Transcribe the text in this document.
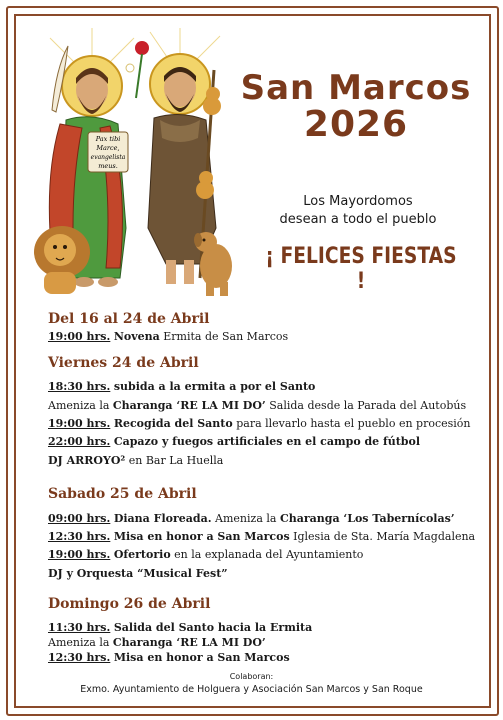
Pax tibi
Marce,
evangelista
meus.
San Marcos
2026
Los Mayordomos
desean a todo el pueblo
¡ FELICES FIESTAS !
Del 16 al 24 de Abril
19:00 hrs. Novena Ermita de San Marcos
Viernes 24 de Abril
18:30 hrs. subida a la ermita a por el Santo
Ameniza la Charanga ‘RE LA MI DO’ Salida desde la Parada del Autobús
19:00 hrs. Recogida del Santo para llevarlo hasta el pueblo en procesión
22:00 hrs. Capazo y fuegos artificiales en el campo de fútbol
DJ ARROYO² en Bar La Huella
Sabado 25 de Abril
09:00 hrs. Diana Floreada. Ameniza la Charanga ‘Los Tabernícolas’
12:30 hrs. Misa en honor a San Marcos Iglesia de Sta. María Magdalena
19:00 hrs. Ofertorio en la explanada del Ayuntamiento
DJ y Orquesta “Musical Fest”
Domingo 26 de Abril
11:30 hrs. Salida del Santo hacia la Ermita
Ameniza la Charanga ‘RE LA MI DO’
12:30 hrs. Misa en honor a San Marcos
Colaboran:
Exmo. Ayuntamiento de Holguera y Asociación San Marcos y San Roque
